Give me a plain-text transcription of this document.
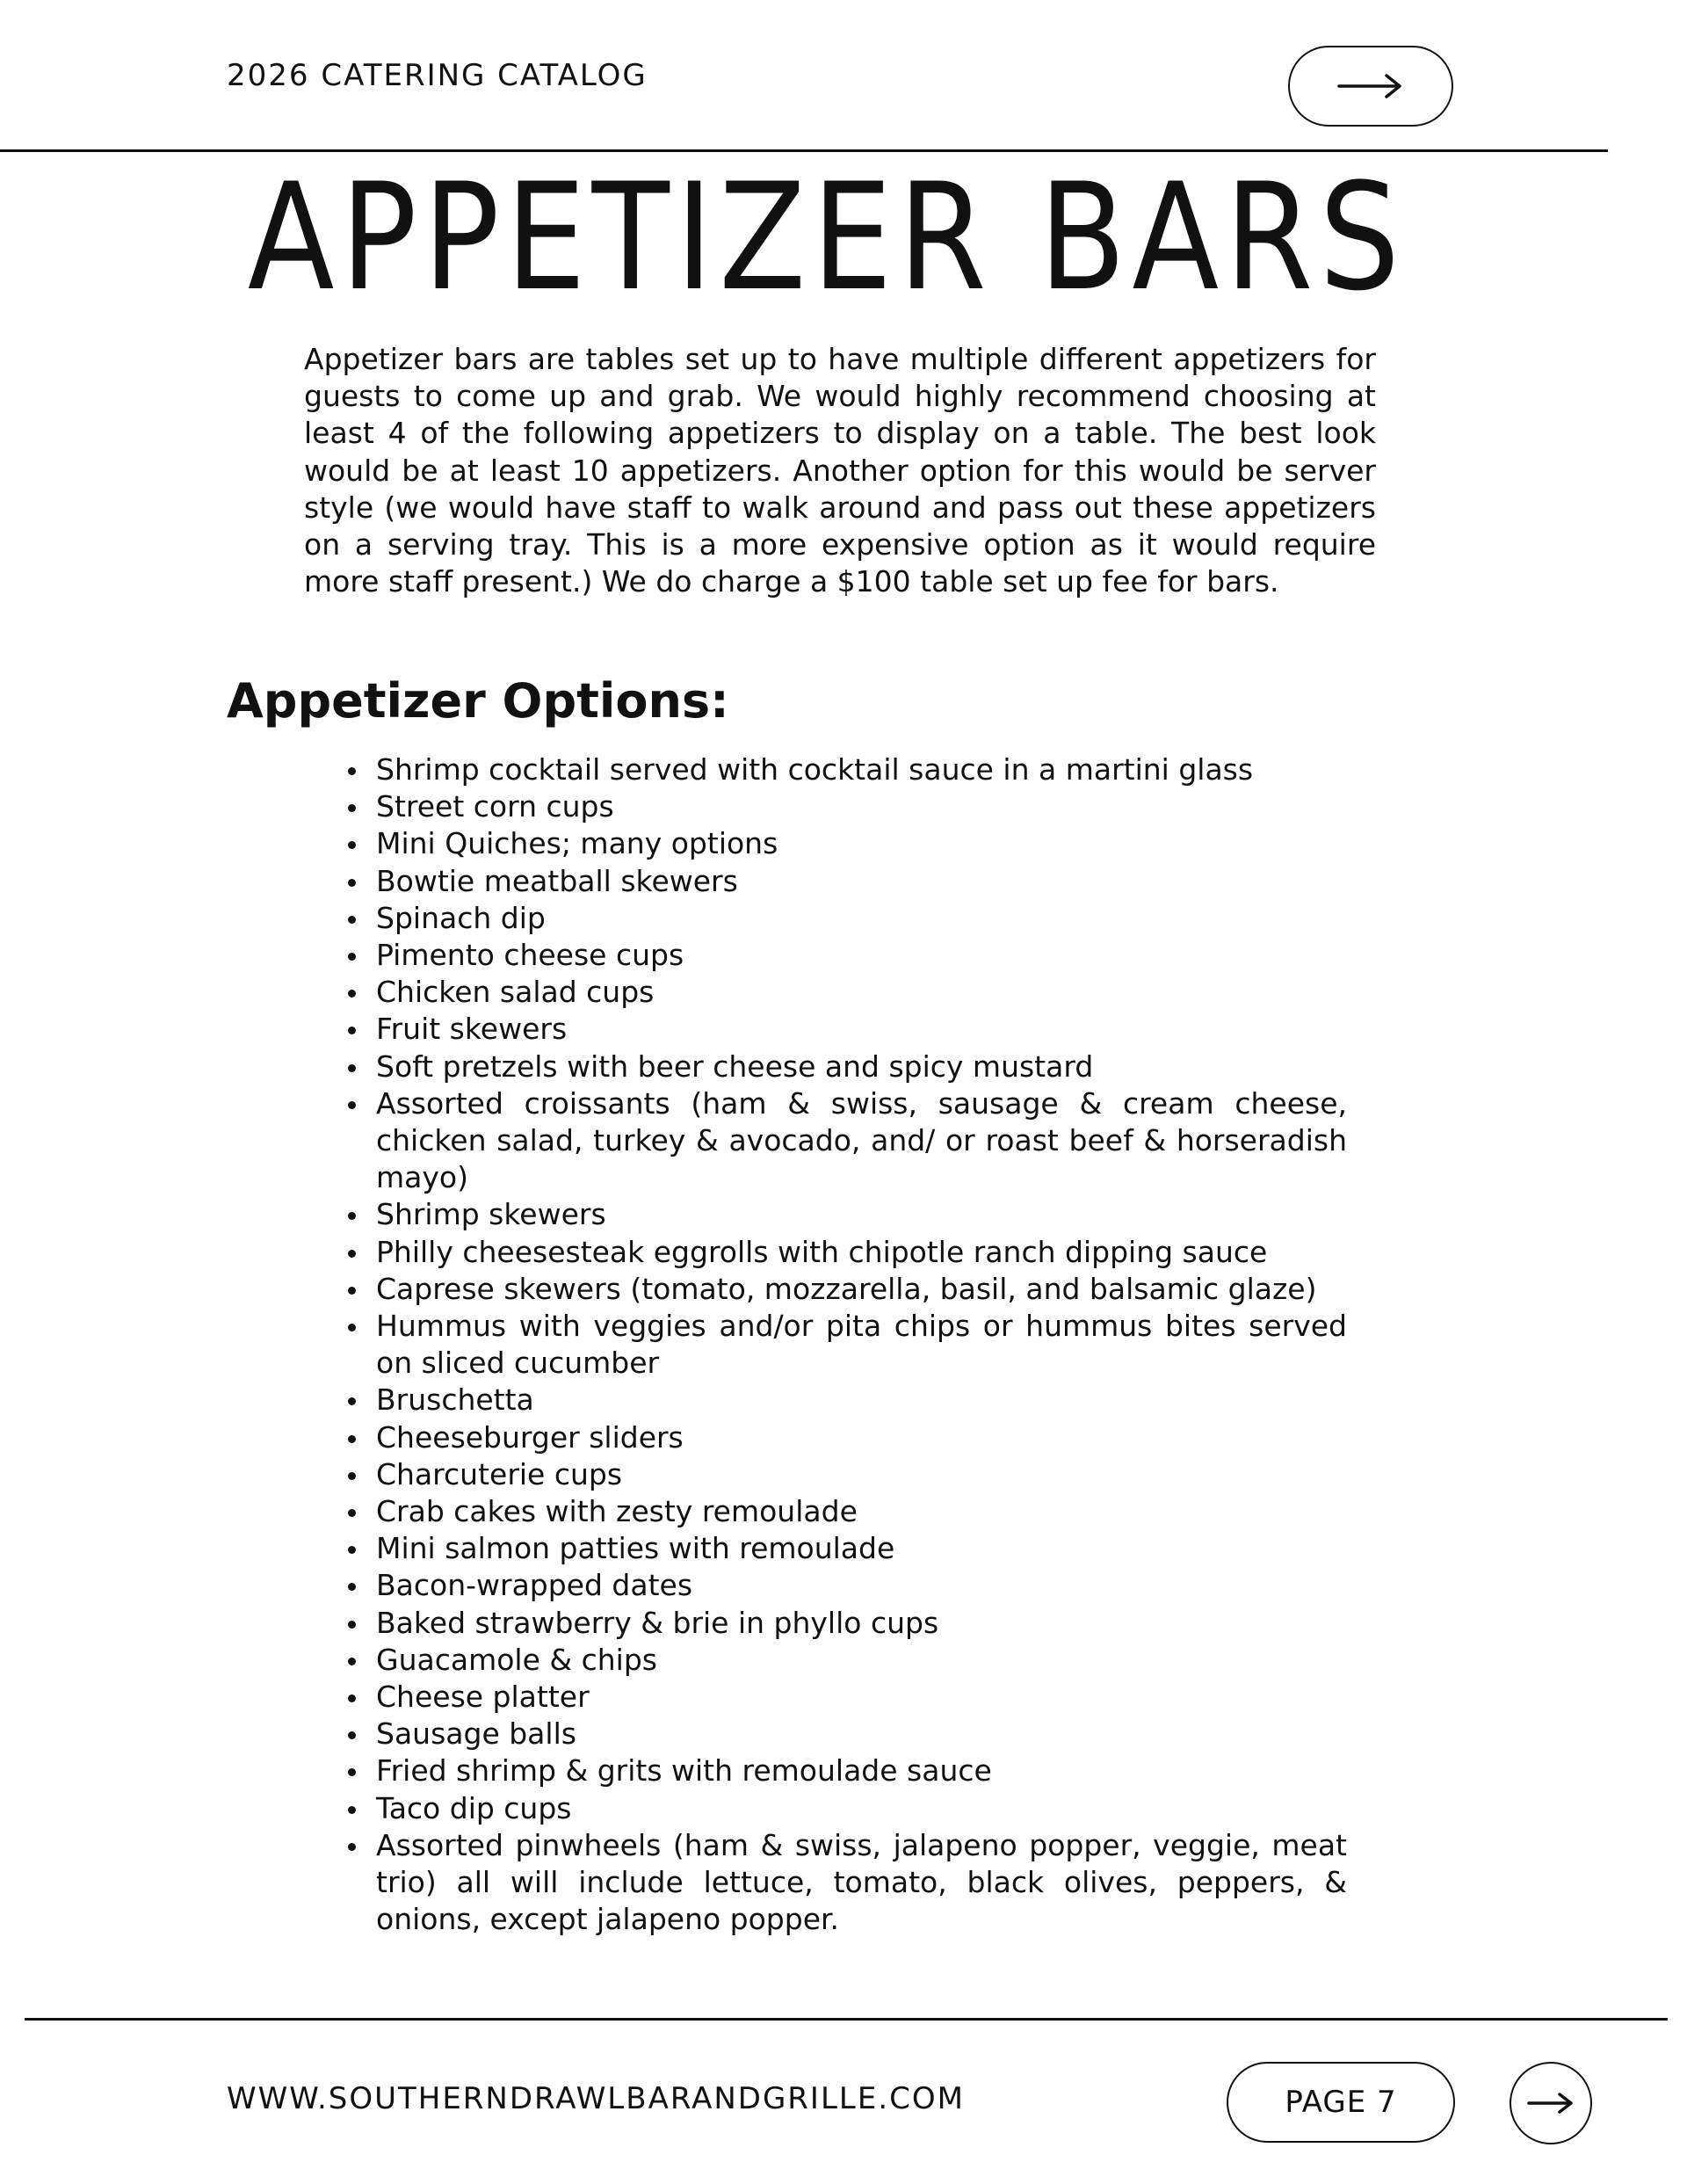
2026 CATERING CATALOG
APPETIZER BARS

Appetizer bars are tables set up to have multiple different appetizers for guests to come up and grab. We would highly recommend choosing at least 4 of the following appetizers to display on a table. The best look would be at least 10 appetizers. Another option for this would be server style (we would have staff to walk around and pass out these appetizers on a serving tray. This is a more expensive option as it would require more staff present.) We do charge a $100 table set up fee for bars.

Appetizer Options:
Shrimp cocktail served with cocktail sauce in a martini glass
Street corn cups
Mini Quiches; many options
Bowtie meatball skewers
Spinach dip
Pimento cheese cups
Chicken salad cups
Fruit skewers
Soft pretzels with beer cheese and spicy mustard
Assorted croissants (ham & swiss, sausage & cream cheese, chicken salad, turkey & avocado, and/ or roast beef & horseradish mayo)
Shrimp skewers
Philly cheesesteak eggrolls with chipotle ranch dipping sauce
Caprese skewers (tomato, mozzarella, basil, and balsamic glaze)
Hummus with veggies and/or pita chips or hummus bites served on sliced cucumber
Bruschetta
Cheeseburger sliders
Charcuterie cups
Crab cakes with zesty remoulade
Mini salmon patties with remoulade
Bacon-wrapped dates
Baked strawberry & brie in phyllo cups
Guacamole & chips
Cheese platter
Sausage balls
Fried shrimp & grits with remoulade sauce
Taco dip cups
Assorted pinwheels (ham & swiss, jalapeno popper, veggie, meat trio) all will include lettuce, tomato, black olives, peppers, & onions, except jalapeno popper.
WWW.SOUTHERNDRAWLBARANDGRILLE.COM	PAGE 7
